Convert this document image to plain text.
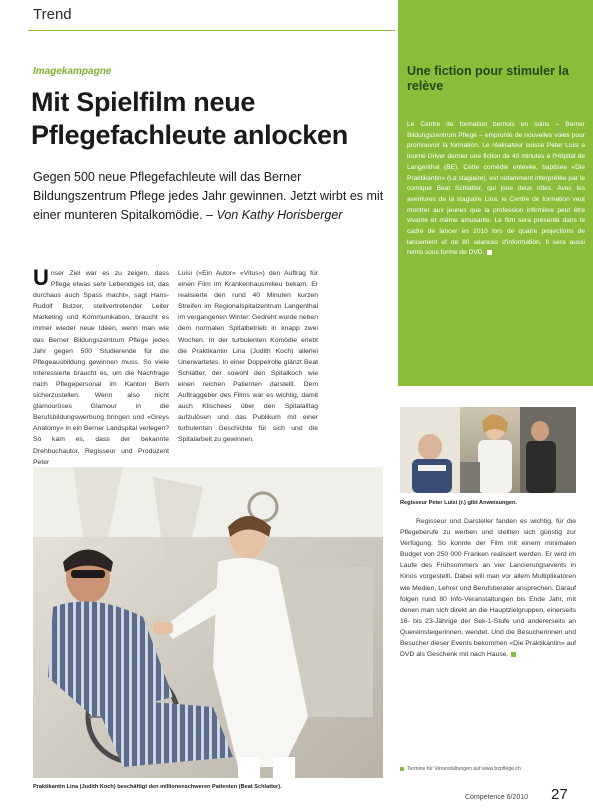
Trend
Imagekampagne
Mit Spielfilm neue Pflegefachleute anlocken

Gegen 500 neue Pflegefachleute will das Berner Bildungszentrum Pflege jedes Jahr gewinnen. Jetzt wirbt es mit einer munteren Spitalkomödie. – Von Kathy Horisberger

Unser Ziel war es zu zeigen, dass Pflege etwas sehr Lebendiges ist, das durchaus auch Spass macht», sagt Hans-Rudolf Butzer, stellvertretender Leiter Marketing und Kommunikation, braucht es immer wieder neue Ideen, wenn man wie das Berner Bildungszentrum Pflege jedes Jahr gegen 500 Studierende für die Pflegeausbildung gewinnen muss. So viele Interessierte braucht es, um die Nachfrage nach Pflegepersonal im Kanton Bern sicherzustellen. Wenn also nicht glamouröses Glamour in die Berufsbildungswerbung bringen und «Greys Anatomy» in ein Berner Landspital verlegen? So kam es, dass der bekannte Drehbuchautor, Regisseur und Produzent Peter
Luisi («Ein Autor» «Vitus») den Auftrag für einen Film im Krankenhausmilieu bekam. Er realisierte den rund 40 Minuten kurzen Streifen im Regionalspitalzentrum Langenthal im vergangenen Winter. Gedreht wurde neben dem normalen Spitalbetrieb in knapp zwei Wochen. In der turbulenten Komödie erlebt die Praktikantin Lina (Judith Koch) allerlei Unerwartetes. In einer Doppelrolle glänzt Beat Schlatter, der sowohl den Spitalkoch wie einen reichen Patienten darstellt. Dem Auftraggeber des Films war es wichtig, damit auch Klischees über den Spitalalltag aufzulösen und das Publikum mit einer turbulenten Geschichte für sich und die Spitalarbeit zu gewinnen.
Une fiction pour stimuler la relève
Le Centre de formation bernois en soins – Berner Bildungszentrum Pflege – emprunte de nouvelles voies pour promouvoir la formation. Le réalisateur suisse Peter Luisi a tourné Driver dernier une fiction de 40 minutes à l'Hôpital de Langenthal (BE). Cette comédie enlevée, baptisée «Die Praktikantin» (La stagiaire), est notamment interprétée par le comique Beat Schlatter, qui joue deux rôles. Avec les aventures de la stagiaire Lina, le Centre de formation veut montrer aux jeunes que la profession infirmière peut être vivante et même amusante. Le film sera présenté dans le cadre de lancer en 2010 lors de quatre projections de lancement et de 80 séances d'information. Il sera aussi remis sous forme de DVD.
Regisseur Peter Luisi (r.) gibt Anweisungen.
Regisseur und Darsteller fanden es wichtig, für die Pflegeberufe zu werben und stellten sich günstig zur Verfügung. So konnte der Film mit einem minimalen Budget von 250 000 Franken realisiert werden. Er wird im Laufe des Frühsommers an vier Lancierungsevents in Kinos vorgestellt. Dabei will man vor allem Multiplikatoren wie Medien, Lehrer und Berufsberater ansprechen. Darauf folgen rund 80 Info-Veranstaltungen bis Ende Jahr, mit denen man sich direkt an die Hauptzielgruppen, einerseits 16- bis 23-Jährige der Sek-1-Stufe und andererseits an Quereinsteigerinnen, wendet. Und die Besucherinnen und Besucher dieser Events bekommen «Die Praktikantin» auf DVD als Geschenk mit nach Hause.
Praktikantin Lina (Judith Koch) beschäftigt den millionenschweren Patienten (Beat Schlatter).
Termine für Veranstaltungen auf www.bzpflege.ch
Competence 6/2010 27
